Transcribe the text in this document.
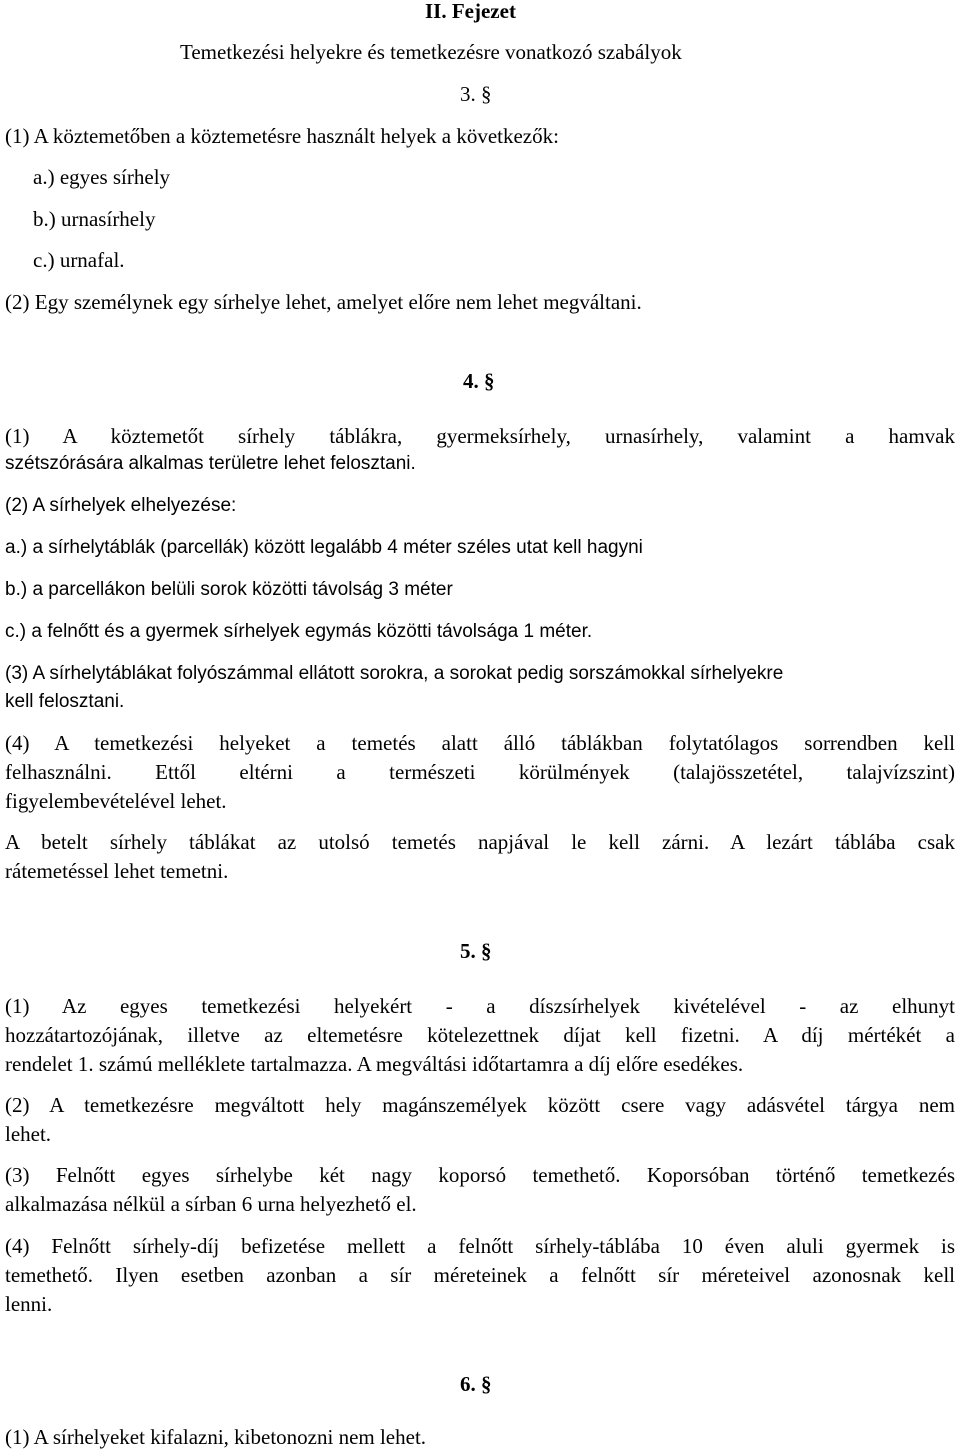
II. Fejezet
Temetkezési helyekre és temetkezésre vonatkozó szabályok
3. §
(1) A köztemetőben a köztemetésre használt helyek a következők:
a.) egyes sírhely
b.) urnasírhely
c.) urnafal.
(2) Egy személynek egy sírhelye lehet, amelyet előre nem lehet megváltani.
4. §
(1) A köztemetőt sírhely táblákra, gyermeksírhely, urnasírhely, valamint a hamvak
szétszórására alkalmas területre lehet felosztani.
(2) A sírhelyek elhelyezése:
a.) a sírhelytáblák (parcellák) között legalább 4 méter széles utat kell hagyni
b.) a parcellákon belüli sorok közötti távolság 3 méter
c.) a felnőtt és a gyermek sírhelyek egymás közötti távolsága 1 méter.
(3) A sírhelytáblákat folyószámmal ellátott sorokra, a sorokat pedig sorszámokkal sírhelyekre
kell felosztani.
(4) A temetkezési helyeket a temetés alatt álló táblákban folytatólagos sorrendben kell
felhasználni. Ettől eltérni a természeti körülmények (talajösszetétel, talajvízszint)
figyelembevételével lehet.
A betelt sírhely táblákat az utolsó temetés napjával le kell zárni. A lezárt táblába csak
rátemetéssel lehet temetni.
5. §
(1) Az egyes temetkezési helyekért - a díszsírhelyek kivételével - az elhunyt
hozzátartozójának, illetve az eltemetésre kötelezettnek díjat kell fizetni. A díj mértékét a
rendelet 1. számú melléklete tartalmazza. A megváltási időtartamra a díj előre esedékes.
(2) A temetkezésre megváltott hely magánszemélyek között csere vagy adásvétel tárgya nem
lehet.
(3) Felnőtt egyes sírhelybe két nagy koporsó temethető. Koporsóban történő temetkezés
alkalmazása nélkül a sírban 6 urna helyezhető el.
(4) Felnőtt sírhely-díj befizetése mellett a felnőtt sírhely-táblába 10 éven aluli gyermek is
temethető. Ilyen esetben azonban a sír méreteinek a felnőtt sír méreteivel azonosnak kell
lenni.
6. §
(1) A sírhelyeket kifalazni, kibetonozni nem lehet.
